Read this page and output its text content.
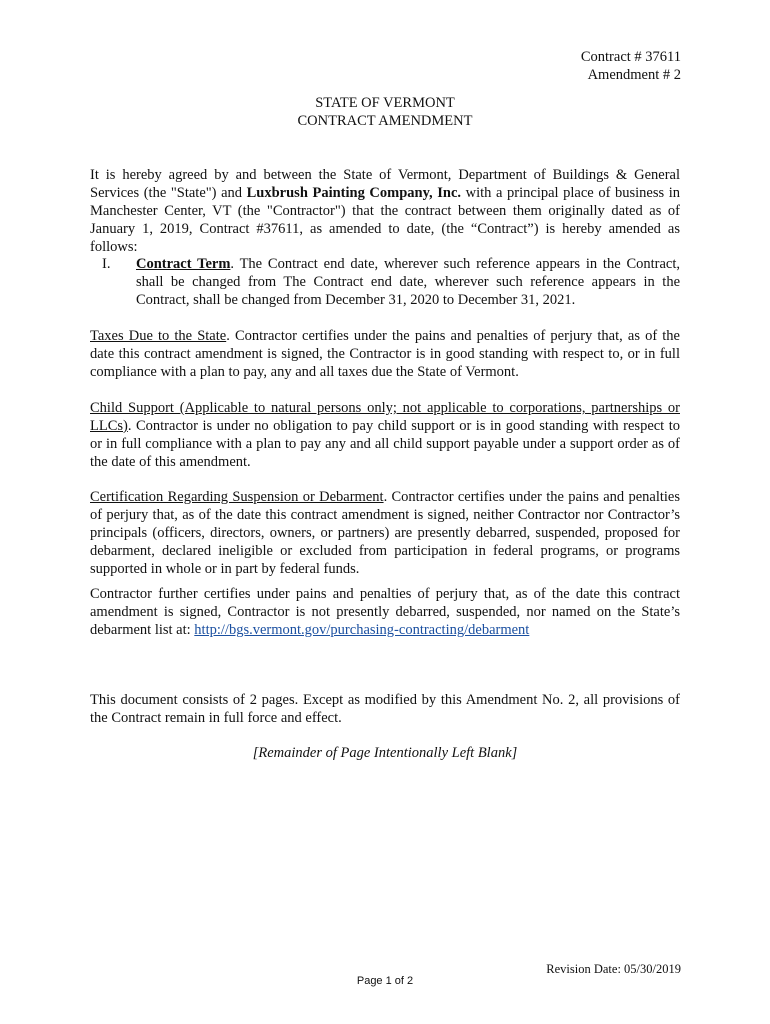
Contract # 37611
Amendment # 2
STATE OF VERMONT
CONTRACT AMENDMENT
It is hereby agreed by and between the State of Vermont, Department of Buildings & General Services (the "State") and Luxbrush Painting Company, Inc. with a principal place of business in Manchester Center, VT (the "Contractor") that the contract between them originally dated as of January 1, 2019, Contract #37611, as amended to date, (the “Contract”) is hereby amended as follows:
I. Contract Term. The Contract end date, wherever such reference appears in the Contract, shall be changed from The Contract end date, wherever such reference appears in the Contract, shall be changed from December 31, 2020 to December 31, 2021.
Taxes Due to the State. Contractor certifies under the pains and penalties of perjury that, as of the date this contract amendment is signed, the Contractor is in good standing with respect to, or in full compliance with a plan to pay, any and all taxes due the State of Vermont.
Child Support (Applicable to natural persons only; not applicable to corporations, partnerships or LLCs). Contractor is under no obligation to pay child support or is in good standing with respect to or in full compliance with a plan to pay any and all child support payable under a support order as of the date of this amendment.
Certification Regarding Suspension or Debarment. Contractor certifies under the pains and penalties of perjury that, as of the date this contract amendment is signed, neither Contractor nor Contractor’s principals (officers, directors, owners, or partners) are presently debarred, suspended, proposed for debarment, declared ineligible or excluded from participation in federal programs, or programs supported in whole or in part by federal funds.
Contractor further certifies under pains and penalties of perjury that, as of the date this contract amendment is signed, Contractor is not presently debarred, suspended, nor named on the State’s debarment list at: http://bgs.vermont.gov/purchasing-contracting/debarment
This document consists of 2 pages. Except as modified by this Amendment No. 2, all provisions of the Contract remain in full force and effect.
[Remainder of Page Intentionally Left Blank]
Revision Date: 05/30/2019
Page 1 of 2
